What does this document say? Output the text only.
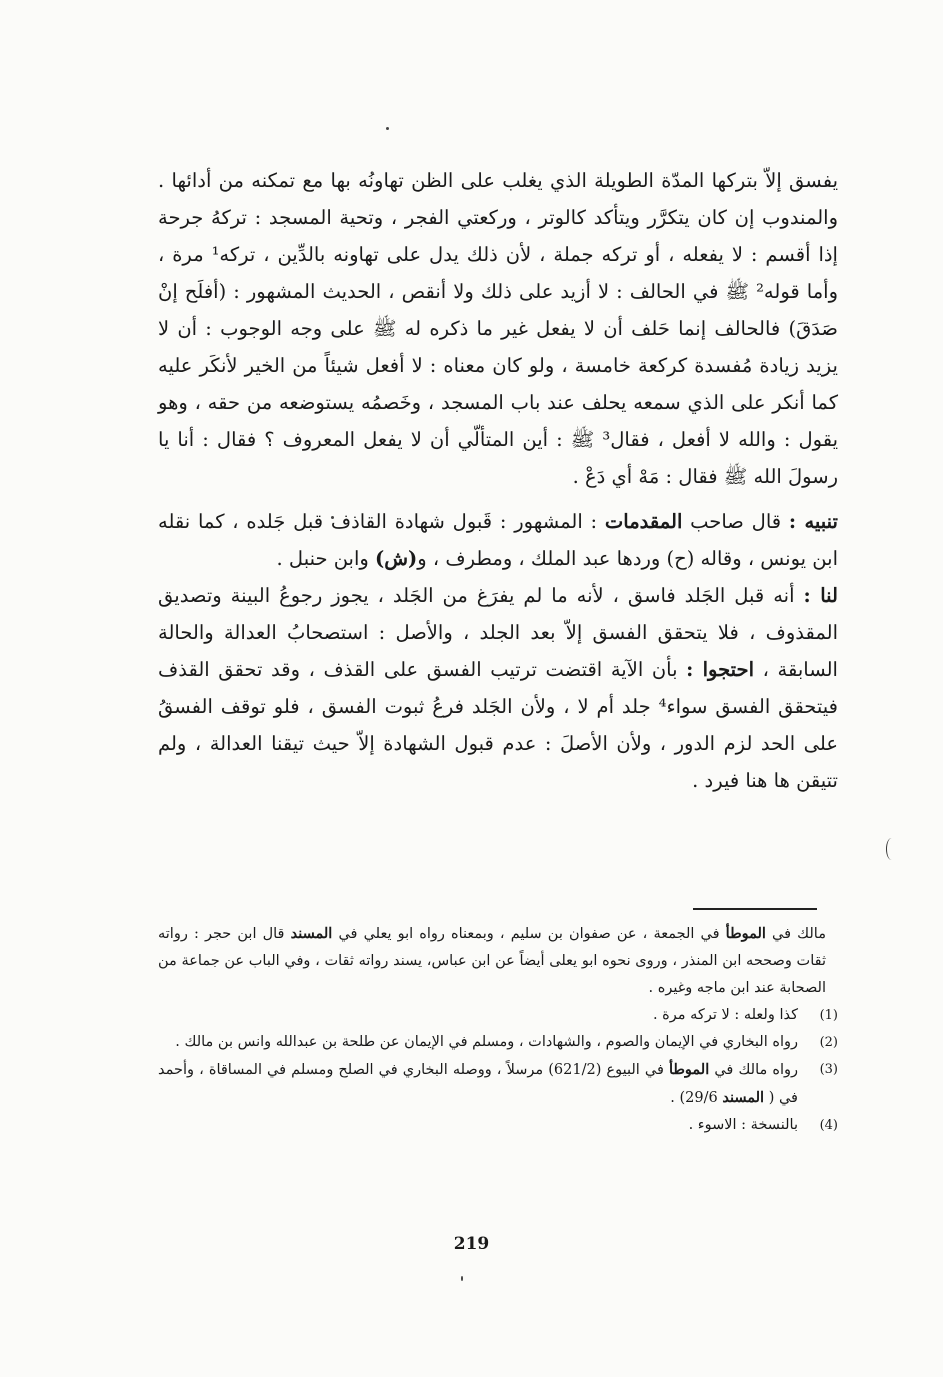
يفسق إلاّ بتركها المدّة الطويلة الذي يغلب على الظن تهاونُه بها مع تمكنه من أدائها . والمندوب إن كان يتكرَّر ويتأكد كالوتر ، وركعتي الفجر ، وتحية المسجد : تركهُ جرحة إذا أقسم : لا يفعله ، أو تركه جملة ، لأن ذلك يدل على تهاونه بالدِّين ، تركه¹ مرة ، وأما قوله² ﷺ في الحالف : لا أزيد على ذلك ولا أنقص ، الحديث المشهور : (أفلَح إنْ صَدَقَ) فالحالف إنما حَلف أن لا يفعل غير ما ذكره له ﷺ على وجه الوجوب : أن لا يزيد زيادة مُفسدة كركعة خامسة ، ولو كان معناه : لا أفعل شيئاً من الخير لأنكَر عليه كما أنكر على الذي سمعه يحلف عند باب المسجد ، وخَصمُه يستوضعه من حقه ، وهو يقول : والله لا أفعل ، فقال³ ﷺ : أين المتألّي أن لا يفعل المعروف ؟ فقال : أنا يا رسولَ الله ﷺ فقال : مَهْ أي دَعْ .

تنبيه : قال صاحب المقدمات : المشهور : قَبول شهادة القاذف قبل جَلده ، كما نقله ابن يونس ، وقاله (ح) وردها عبد الملك ، ومطرف ، و(ش) وابن حنبل .

لنا : أنه قبل الجَلد فاسق ، لأنه ما لم يفرَغ من الجَلد ، يجوز رجوعُ البينة وتصديق المقذوف ، فلا يتحقق الفسق إلاّ بعد الجلد ، والأصل : استصحابُ العدالة والحالة السابقة ، احتجوا : بأن الآية اقتضت ترتيب الفسق على القذف ، وقد تحقق القذف فيتحقق الفسق سواء⁴ جلد أم لا ، ولأن الجَلد فرعُ ثبوت الفسق ، فلو توقف الفسقُ على الحد لزم الدور ، ولأن الأصلَ : عدم قبول الشهادة إلاّ حيث تيقنا العدالة ، ولم تتيقن ها هنا فيرد .

مالك في الموطأ في الجمعة ، عن صفوان بن سليم ، وبمعناه رواه ابو يعلي في المسند قال ابن حجر : رواته ثقات وصححه ابن المنذر ، وروى نحوه ابو يعلى أيضاً عن ابن عباس، يسند رواته ثقات ، وفي الباب عن جماعة من الصحابة عند ابن ماجه وغيره .
(1)
كذا ولعله : لا تركه مرة .
(2)
رواه البخاري في الإيمان والصوم ، والشهادات ، ومسلم في الإيمان عن طلحة بن عبدالله وانس بن مالك .
(3)
رواه مالك في الموطأ في البيوع (621/2) مرسلاً ، ووصله البخاري في الصلح ومسلم في المساقاة ، وأحمد في ( المسند 29/6) .
(4)
بالنسخة : الاسوء .
219
